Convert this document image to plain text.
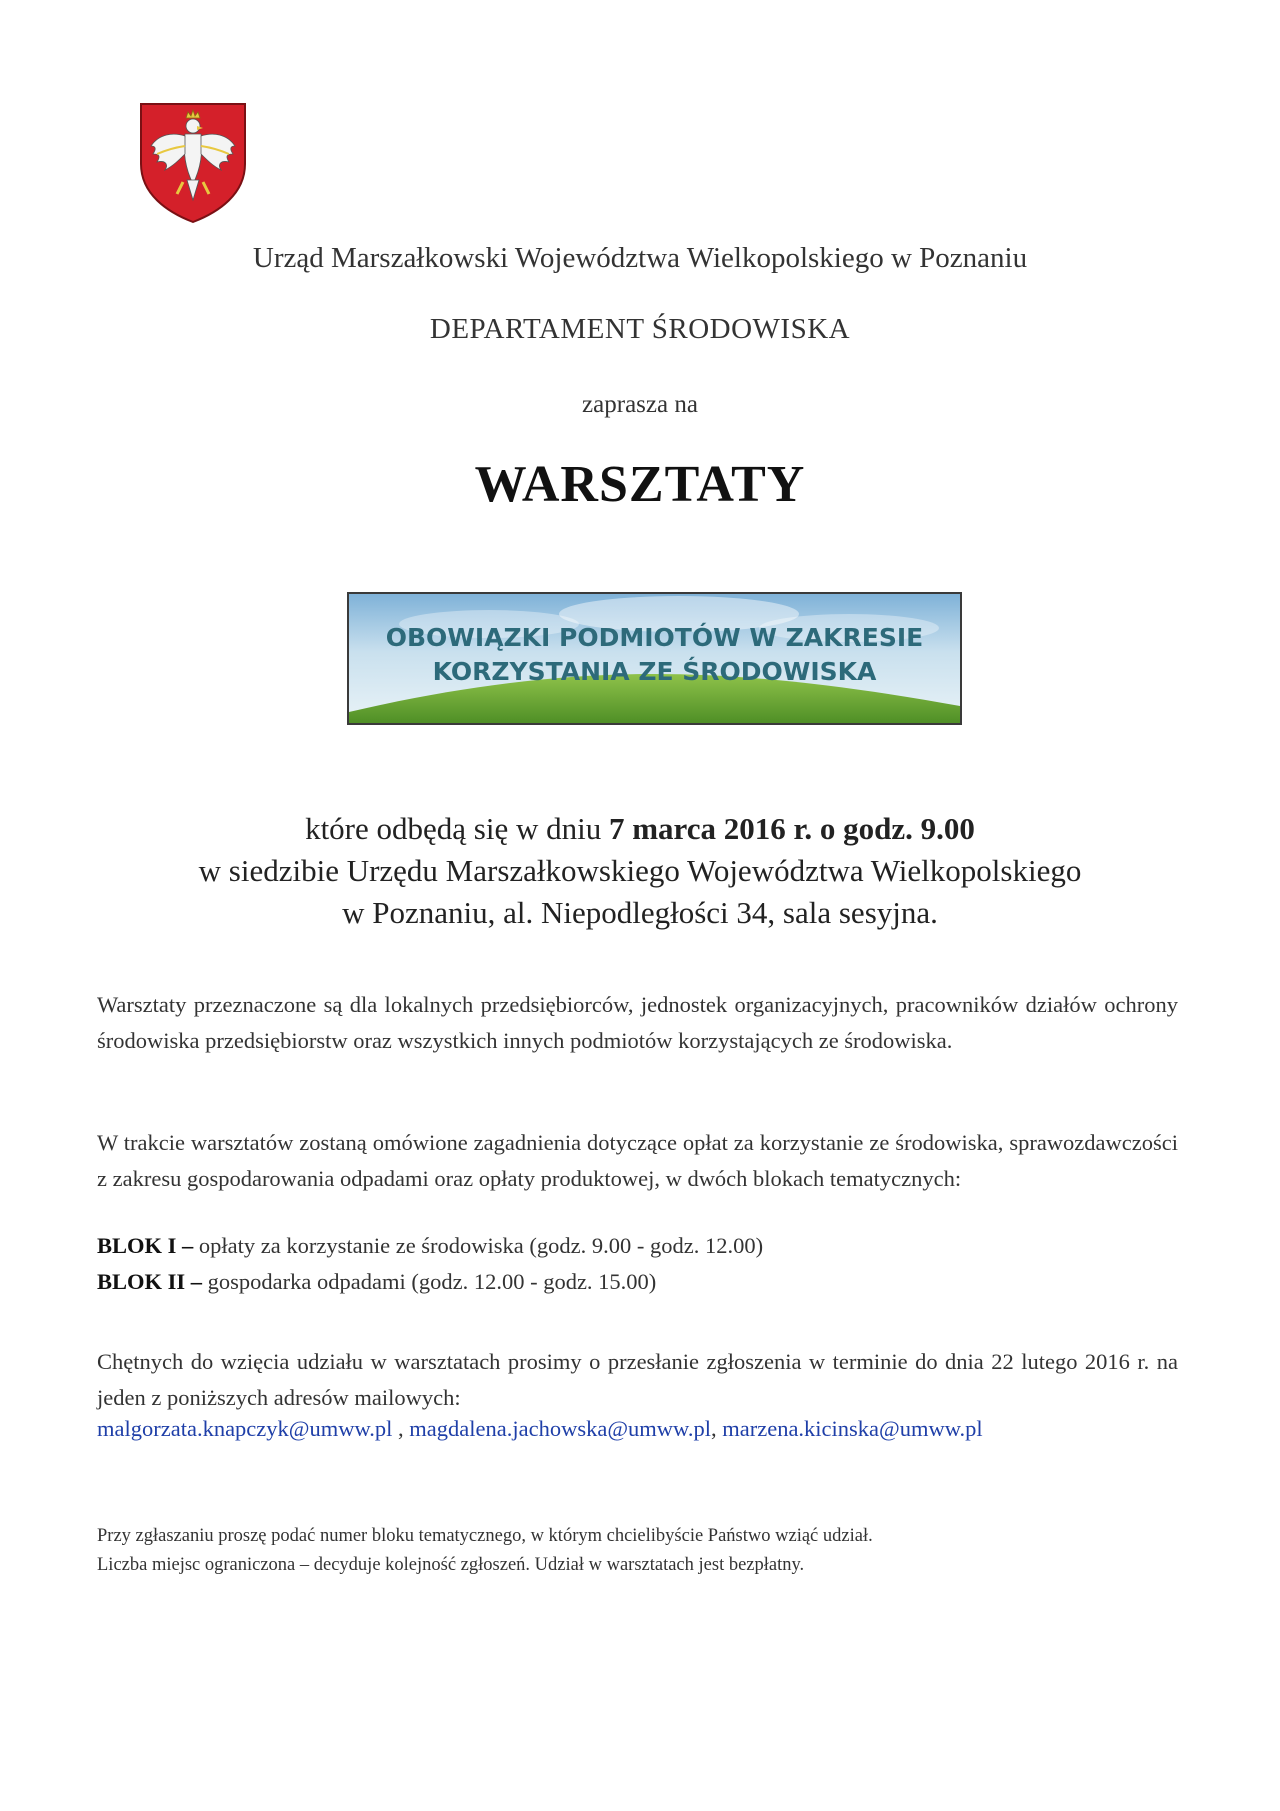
Urząd Marszałkowski Województwa Wielkopolskiego w Poznaniu
DEPARTAMENT ŚRODOWISKA
zaprasza na
WARSZTATY
OBOWIĄZKI PODMIOTÓW W ZAKRESIE
KORZYSTANIA ZE ŚRODOWISKA
które odbędą się w dniu 7 marca 2016 r. o godz. 9.00
w siedzibie Urzędu Marszałkowskiego Województwa Wielkopolskiego
w Poznaniu, al. Niepodległości 34, sala sesyjna.
Warsztaty przeznaczone są dla lokalnych przedsiębiorców, jednostek organizacyjnych, pracowników działów ochrony środowiska przedsiębiorstw oraz wszystkich innych podmiotów korzystających ze środowiska.
W trakcie warsztatów zostaną omówione zagadnienia dotyczące opłat za korzystanie ze środowiska, sprawozdawczości z zakresu gospodarowania odpadami oraz opłaty produktowej, w dwóch blokach tematycznych:
BLOK I – opłaty za korzystanie ze środowiska (godz. 9.00 - godz. 12.00)
BLOK II – gospodarka odpadami (godz. 12.00 - godz. 15.00)
Chętnych do wzięcia udziału w warsztatach prosimy o przesłanie zgłoszenia w terminie do dnia 22 lutego 2016 r. na jeden z poniższych adresów mailowych:
malgorzata.knapczyk@umww.pl , magdalena.jachowska@umww.pl, marzena.kicinska@umww.pl
Przy zgłaszaniu proszę podać numer bloku tematycznego, w którym chcielibyście Państwo wziąć udział.
Liczba miejsc ograniczona – decyduje kolejność zgłoszeń. Udział w warsztatach jest bezpłatny.
